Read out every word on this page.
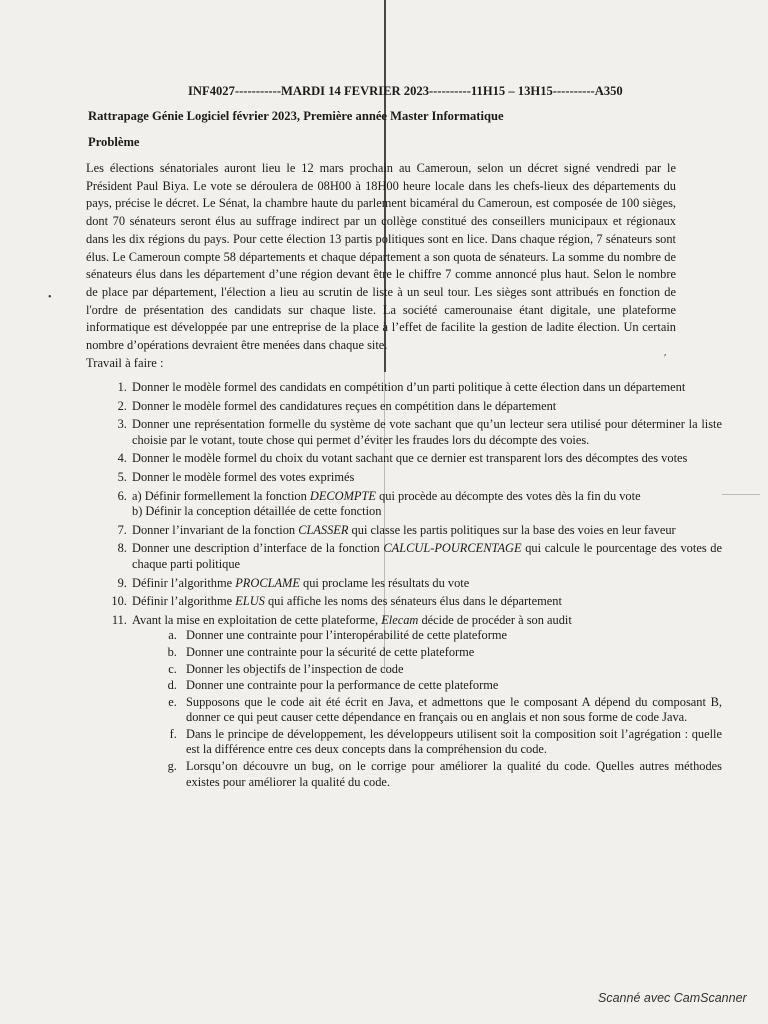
INF4027-----------MARDI 14 FEVRIER 2023----------11H15 – 13H15----------A350
Rattrapage Génie Logiciel février 2023, Première année Master Informatique
Problème

Les élections sénatoriales auront lieu le 12 mars prochain au Cameroun, selon un décret signé vendredi par le Président Paul Biya. Le vote se déroulera de 08H00 à 18H00 heure locale dans les chefs-lieux des départements du pays, précise le décret. Le Sénat, la chambre haute du parlement bicaméral du Cameroun, est composée de 100 sièges, dont 70 sénateurs seront élus au suffrage indirect par un collège constitué des conseillers municipaux et régionaux dans les dix régions du pays. Pour cette élection 13 partis politiques sont en lice. Dans chaque région, 7 sénateurs sont élus. Le Cameroun compte 58 départements et chaque département a son quota de sénateurs. La somme du nombre de sénateurs élus dans les département d’une région devant être le chiffre 7 comme annoncé plus haut. Selon le nombre de place par département, l'élection a lieu au scrutin de liste à un seul tour. Les sièges sont attribués en fonction de l'ordre de présentation des candidats sur chaque liste. La société camerounaise étant digitale, une plateforme informatique est développée par une entreprise de la place à l’effet de facilite la gestion de ladite élection. Un certain nombre d’opérations devraient être menées dans chaque site.

Travail à faire :
1. Donner le modèle formel des candidats en compétition d’un parti politique à cette élection dans un département
2. Donner le modèle formel des candidatures reçues en compétition dans le département
3. Donner une représentation formelle du système de vote sachant que qu’un lecteur sera utilisé pour déterminer la liste choisie par le votant, toute chose qui permet d’éviter les fraudes lors du décompte des voies.
4. Donner le modèle formel du choix du votant sachant que ce dernier est transparent lors des décomptes des votes
5. Donner le modèle formel des votes exprimés
6. a) Définir formellement la fonction DECOMPTE qui procède au décompte des votes dès la fin du vote
b) Définir la conception détaillée de cette fonction
7. Donner l’invariant de la fonction CLASSER qui classe les partis politiques sur la base des voies en leur faveur
8. Donner une description d’interface de la fonction CALCUL-POURCENTAGE qui calcule le pourcentage des votes de chaque parti politique
9. Définir l’algorithme PROCLAME qui proclame les résultats du vote
10. Définir l’algorithme ELUS qui affiche les noms des sénateurs élus dans le département
11. Avant la mise en exploitation de cette plateforme, Elecam décide de procéder à son audit
a. Donner une contrainte pour l’interopérabilité de cette plateforme
b. Donner une contrainte pour la sécurité de cette plateforme
c. Donner les objectifs de l’inspection de code
d. Donner une contrainte pour la performance de cette plateforme
e. Supposons que le code ait été écrit en Java, et admettons que le composant A dépend du composant B, donner ce qui peut causer cette dépendance en français ou en anglais et non sous forme de code Java.
f. Dans le principe de développement, les développeurs utilisent soit la composition soit l’agrégation : quelle est la différence entre ces deux concepts dans la compréhension du code.
g. Lorsqu’on découvre un bug, on le corrige pour améliorer la qualité du code. Quelles autres méthodes existes pour améliorer la qualité du code.
•
ʹ
Scanné avec CamScanner
